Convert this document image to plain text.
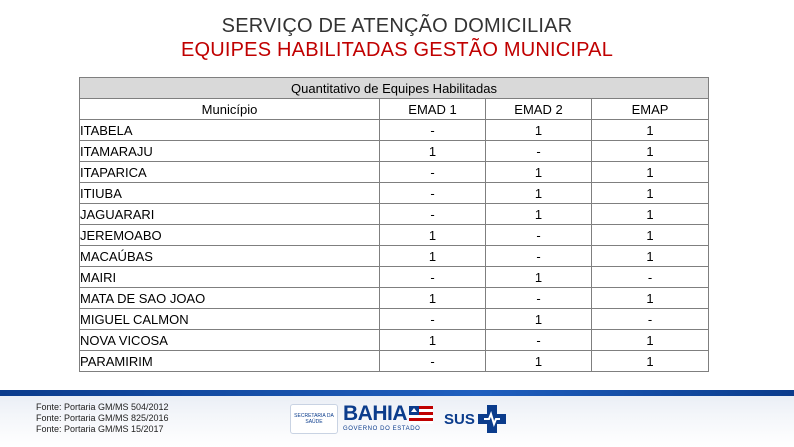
SERVIÇO DE ATENÇÃO DOMICILIAR
EQUIPES HABILITADAS GESTÃO MUNICIPAL
Quantitativo de Equipes Habilitadas			
Município	EMAD 1	EMAD 2	EMAP
ITABELA	-	1	1
ITAMARAJU	1	-	1
ITAPARICA	-	1	1
ITIUBA	-	1	1
JAGUARARI	-	1	1
JEREMOABO	1	-	1
MACAÚBAS	1	-	1
MAIRI	-	1	-
MATA DE SAO JOAO	1	-	1
MIGUEL CALMON	-	1	-
NOVA VICOSA	1	-	1
PARAMIRIM	-	1	1
Fonte: Portaria GM/MS 504/2012
Fonte: Portaria GM/MS 825/2016
Fonte: Portaria GM/MS 15/2017
SECRETARIA DA SAÚDE BAHIA
GOVERNO DO ESTADO
SUS
